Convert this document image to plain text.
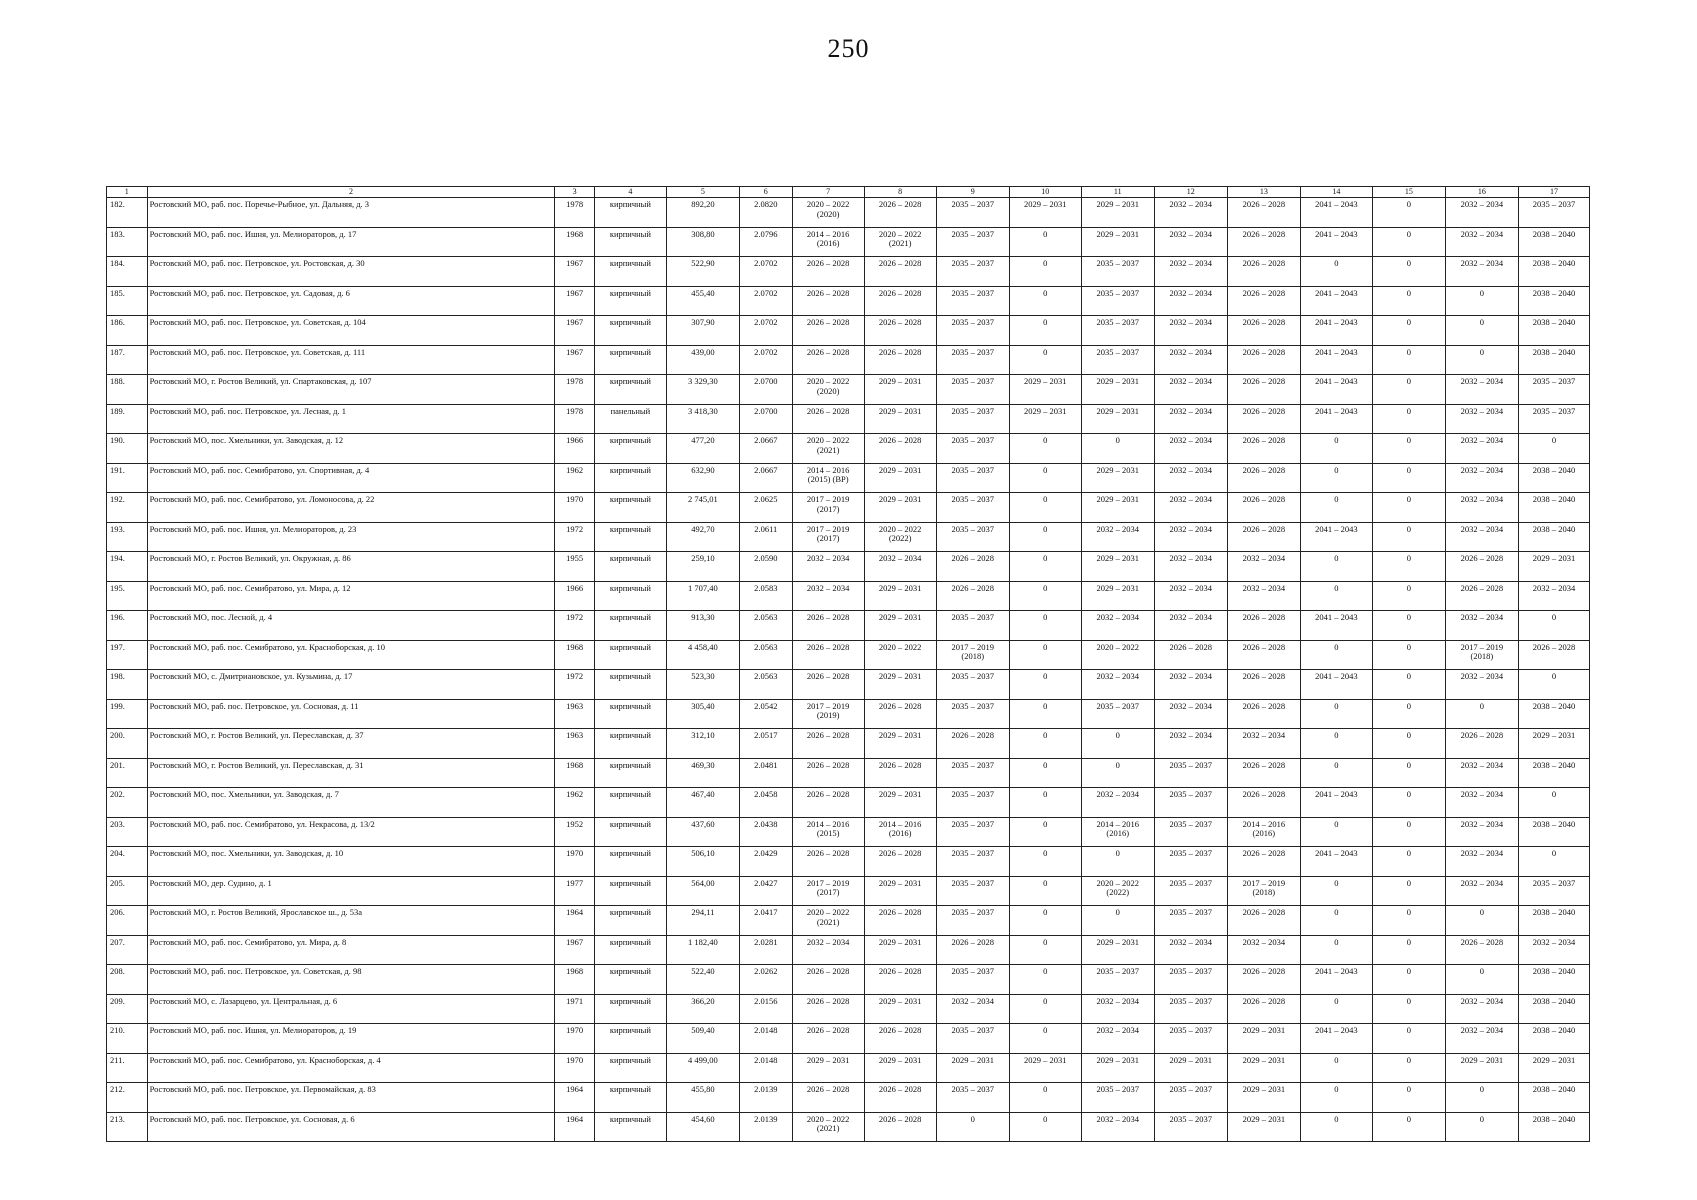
250
1	2	3	4	5	6	7	8	9	10	11	12	13	14	15	16	17

182.	Ростовский МО, раб. пос. Поречье-Рыбное, ул. Дальняя, д. 3	1978	кирпичный	892,20	2.0820	2020 – 2022
(2020)	2026 – 2028	2035 – 2037	2029 – 2031	2029 – 2031	2032 – 2034	2026 – 2028	2041 – 2043	0	2032 – 2034	2035 – 2037

183.	Ростовский МО, раб. пос. Ишня, ул. Мелиораторов, д. 17	1968	кирпичный	308,80	2.0796	2014 – 2016
(2016)	2020 – 2022
(2021)	2035 – 2037	0	2029 – 2031	2032 – 2034	2026 – 2028	2041 – 2043	0	2032 – 2034	2038 – 2040

184.	Ростовский МО, раб. пос. Петровское, ул. Ростовская, д. 30	1967	кирпичный	522,90	2.0702	2026 – 2028	2026 – 2028	2035 – 2037	0	2035 – 2037	2032 – 2034	2026 – 2028	0	0	2032 – 2034	2038 – 2040

185.	Ростовский МО, раб. пос. Петровское, ул. Садовая, д. 6	1967	кирпичный	455,40	2.0702	2026 – 2028	2026 – 2028	2035 – 2037	0	2035 – 2037	2032 – 2034	2026 – 2028	2041 – 2043	0	0	2038 – 2040

186.	Ростовский МО, раб. пос. Петровское, ул. Советская, д. 104	1967	кирпичный	307,90	2.0702	2026 – 2028	2026 – 2028	2035 – 2037	0	2035 – 2037	2032 – 2034	2026 – 2028	2041 – 2043	0	0	2038 – 2040

187.	Ростовский МО, раб. пос. Петровское, ул. Советская, д. 111	1967	кирпичный	439,00	2.0702	2026 – 2028	2026 – 2028	2035 – 2037	0	2035 – 2037	2032 – 2034	2026 – 2028	2041 – 2043	0	0	2038 – 2040

188.	Ростовский МО, г. Ростов Великий, ул. Спартаковская, д. 107	1978	кирпичный	3 329,30	2.0700	2020 – 2022
(2020)	2029 – 2031	2035 – 2037	2029 – 2031	2029 – 2031	2032 – 2034	2026 – 2028	2041 – 2043	0	2032 – 2034	2035 – 2037

189.	Ростовский МО, раб. пос. Петровское, ул. Лесная, д. 1	1978	панельный	3 418,30	2.0700	2026 – 2028	2029 – 2031	2035 – 2037	2029 – 2031	2029 – 2031	2032 – 2034	2026 – 2028	2041 – 2043	0	2032 – 2034	2035 – 2037

190.	Ростовский МО, пос. Хмельники, ул. Заводская, д. 12	1966	кирпичный	477,20	2.0667	2020 – 2022
(2021)	2026 – 2028	2035 – 2037	0	0	2032 – 2034	2026 – 2028	0	0	2032 – 2034	0

191.	Ростовский МО, раб. пос. Семибратово, ул. Спортивная, д. 4	1962	кирпичный	632,90	2.0667	2014 – 2016
(2015) (ВР)	2029 – 2031	2035 – 2037	0	2029 – 2031	2032 – 2034	2026 – 2028	0	0	2032 – 2034	2038 – 2040

192.	Ростовский МО, раб. пос. Семибратово, ул. Ломоносова, д. 22	1970	кирпичный	2 745,01	2.0625	2017 – 2019
(2017)	2029 – 2031	2035 – 2037	0	2029 – 2031	2032 – 2034	2026 – 2028	0	0	2032 – 2034	2038 – 2040

193.	Ростовский МО, раб. пос. Ишня, ул. Мелиораторов, д. 23	1972	кирпичный	492,70	2.0611	2017 – 2019
(2017)	2020 – 2022
(2022)	2035 – 2037	0	2032 – 2034	2032 – 2034	2026 – 2028	2041 – 2043	0	2032 – 2034	2038 – 2040

194.	Ростовский МО, г. Ростов Великий, ул. Окружная, д. 86	1955	кирпичный	259,10	2.0590	2032 – 2034	2032 – 2034	2026 – 2028	0	2029 – 2031	2032 – 2034	2032 – 2034	0	0	2026 – 2028	2029 – 2031

195.	Ростовский МО, раб. пос. Семибратово, ул. Мира, д. 12	1966	кирпичный	1 707,40	2.0583	2032 – 2034	2029 – 2031	2026 – 2028	0	2029 – 2031	2032 – 2034	2032 – 2034	0	0	2026 – 2028	2032 – 2034

196.	Ростовский МО, пос. Лесной, д. 4	1972	кирпичный	913,30	2.0563	2026 – 2028	2029 – 2031	2035 – 2037	0	2032 – 2034	2032 – 2034	2026 – 2028	2041 – 2043	0	2032 – 2034	0

197.	Ростовский МО, раб. пос. Семибратово, ул. Красноборская, д. 10	1968	кирпичный	4 458,40	2.0563	2026 – 2028	2020 – 2022	2017 – 2019
(2018)	0	2020 – 2022	2026 – 2028	2026 – 2028	0	0	2017 – 2019
(2018)	2026 – 2028

198.	Ростовский МО, с. Дмитриановское, ул. Кузьмина, д. 17	1972	кирпичный	523,30	2.0563	2026 – 2028	2029 – 2031	2035 – 2037	0	2032 – 2034	2032 – 2034	2026 – 2028	2041 – 2043	0	2032 – 2034	0

199.	Ростовский МО, раб. пос. Петровское, ул. Сосновая, д. 11	1963	кирпичный	305,40	2.0542	2017 – 2019
(2019)	2026 – 2028	2035 – 2037	0	2035 – 2037	2032 – 2034	2026 – 2028	0	0	0	2038 – 2040

200.	Ростовский МО, г. Ростов Великий, ул. Переславская, д. 37	1963	кирпичный	312,10	2.0517	2026 – 2028	2029 – 2031	2026 – 2028	0	0	2032 – 2034	2032 – 2034	0	0	2026 – 2028	2029 – 2031

201.	Ростовский МО, г. Ростов Великий, ул. Переславская, д. 31	1968	кирпичный	469,30	2.0481	2026 – 2028	2026 – 2028	2035 – 2037	0	0	2035 – 2037	2026 – 2028	0	0	2032 – 2034	2038 – 2040

202.	Ростовский МО, пос. Хмельники, ул. Заводская, д. 7	1962	кирпичный	467,40	2.0458	2026 – 2028	2029 – 2031	2035 – 2037	0	2032 – 2034	2035 – 2037	2026 – 2028	2041 – 2043	0	2032 – 2034	0

203.	Ростовский МО, раб. пос. Семибратово, ул. Некрасова, д. 13/2	1952	кирпичный	437,60	2.0438	2014 – 2016
(2015)	2014 – 2016
(2016)	2035 – 2037	0	2014 – 2016
(2016)	2035 – 2037	2014 – 2016
(2016)	0	0	2032 – 2034	2038 – 2040

204.	Ростовский МО, пос. Хмельники, ул. Заводская, д. 10	1970	кирпичный	506,10	2.0429	2026 – 2028	2026 – 2028	2035 – 2037	0	0	2035 – 2037	2026 – 2028	2041 – 2043	0	2032 – 2034	0

205.	Ростовский МО, дер. Судино, д. 1	1977	кирпичный	564,00	2.0427	2017 – 2019
(2017)	2029 – 2031	2035 – 2037	0	2020 – 2022
(2022)	2035 – 2037	2017 – 2019
(2018)	0	0	2032 – 2034	2035 – 2037

206.	Ростовский МО, г. Ростов Великий, Ярославское ш., д. 53а	1964	кирпичный	294,11	2.0417	2020 – 2022
(2021)	2026 – 2028	2035 – 2037	0	0	2035 – 2037	2026 – 2028	0	0	0	2038 – 2040

207.	Ростовский МО, раб. пос. Семибратово, ул. Мира, д. 8	1967	кирпичный	1 182,40	2.0281	2032 – 2034	2029 – 2031	2026 – 2028	0	2029 – 2031	2032 – 2034	2032 – 2034	0	0	2026 – 2028	2032 – 2034

208.	Ростовский МО, раб. пос. Петровское, ул. Советская, д. 98	1968	кирпичный	522,40	2.0262	2026 – 2028	2026 – 2028	2035 – 2037	0	2035 – 2037	2035 – 2037	2026 – 2028	2041 – 2043	0	0	2038 – 2040

209.	Ростовский МО, с. Лазарцево, ул. Центральная, д. 6	1971	кирпичный	366,20	2.0156	2026 – 2028	2029 – 2031	2032 – 2034	0	2032 – 2034	2035 – 2037	2026 – 2028	0	0	2032 – 2034	2038 – 2040

210.	Ростовский МО, раб. пос. Ишня, ул. Мелиораторов, д. 19	1970	кирпичный	509,40	2.0148	2026 – 2028	2026 – 2028	2035 – 2037	0	2032 – 2034	2035 – 2037	2029 – 2031	2041 – 2043	0	2032 – 2034	2038 – 2040

211.	Ростовский МО, раб. пос. Семибратово, ул. Красноборская, д. 4	1970	кирпичный	4 499,00	2.0148	2029 – 2031	2029 – 2031	2029 – 2031	2029 – 2031	2029 – 2031	2029 – 2031	2029 – 2031	0	0	2029 – 2031	2029 – 2031

212.	Ростовский МО, раб. пос. Петровское, ул. Первомайская, д. 83	1964	кирпичный	455,80	2.0139	2026 – 2028	2026 – 2028	2035 – 2037	0	2035 – 2037	2035 – 2037	2029 – 2031	0	0	0	2038 – 2040

213.	Ростовский МО, раб. пос. Петровское, ул. Сосновая, д. 6	1964	кирпичный	454,60	2.0139	2020 – 2022
(2021)	2026 – 2028	0	0	2032 – 2034	2035 – 2037	2029 – 2031	0	0	0	2038 – 2040
